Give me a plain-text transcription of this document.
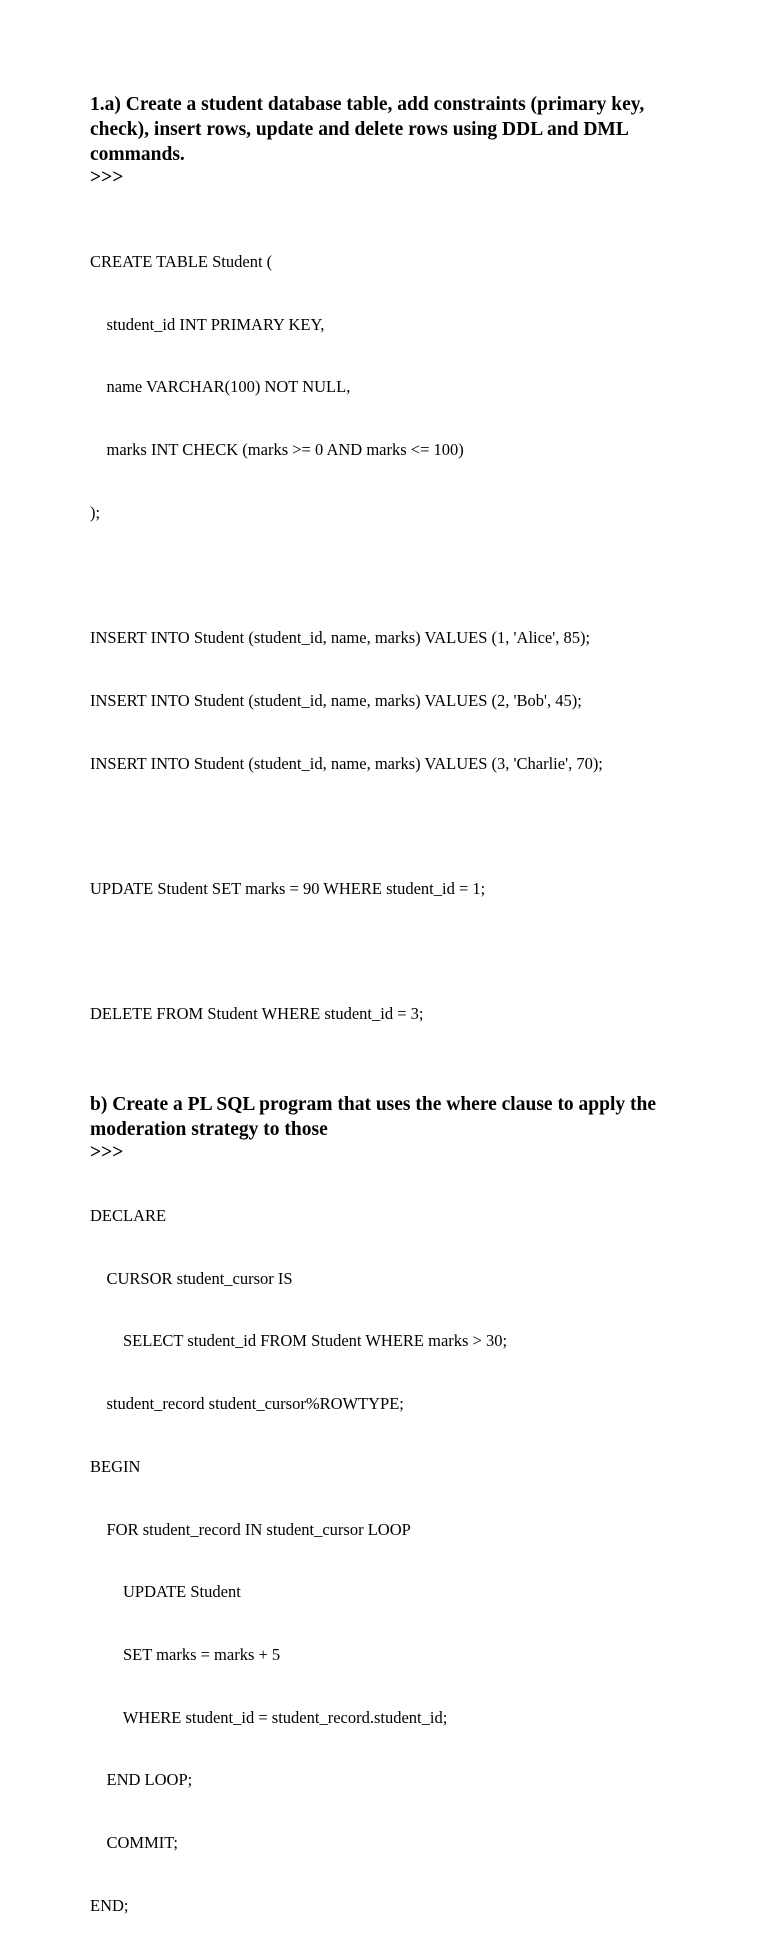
1.a) Create a student database table, add constraints (primary key,
check), insert rows, update and delete rows using DDL and DML
commands.
>>>

CREATE TABLE Student (

student_id INT PRIMARY KEY,

name VARCHAR(100) NOT NULL,

marks INT CHECK (marks >= 0 AND marks <= 100)

);

INSERT INTO Student (student_id, name, marks) VALUES (1, 'Alice', 85);

INSERT INTO Student (student_id, name, marks) VALUES (2, 'Bob', 45);

INSERT INTO Student (student_id, name, marks) VALUES (3, 'Charlie', 70);

UPDATE Student SET marks = 90 WHERE student_id = 1;

DELETE FROM Student WHERE student_id = 3;

b) Create a PL SQL program that uses the where clause to apply the
moderation strategy to those
>>>

DECLARE

CURSOR student_cursor IS

SELECT student_id FROM Student WHERE marks > 30;

student_record student_cursor%ROWTYPE;

BEGIN

FOR student_record IN student_cursor LOOP

UPDATE Student

SET marks = marks + 5

WHERE student_id = student_record.student_id;

END LOOP;

COMMIT;

END;
